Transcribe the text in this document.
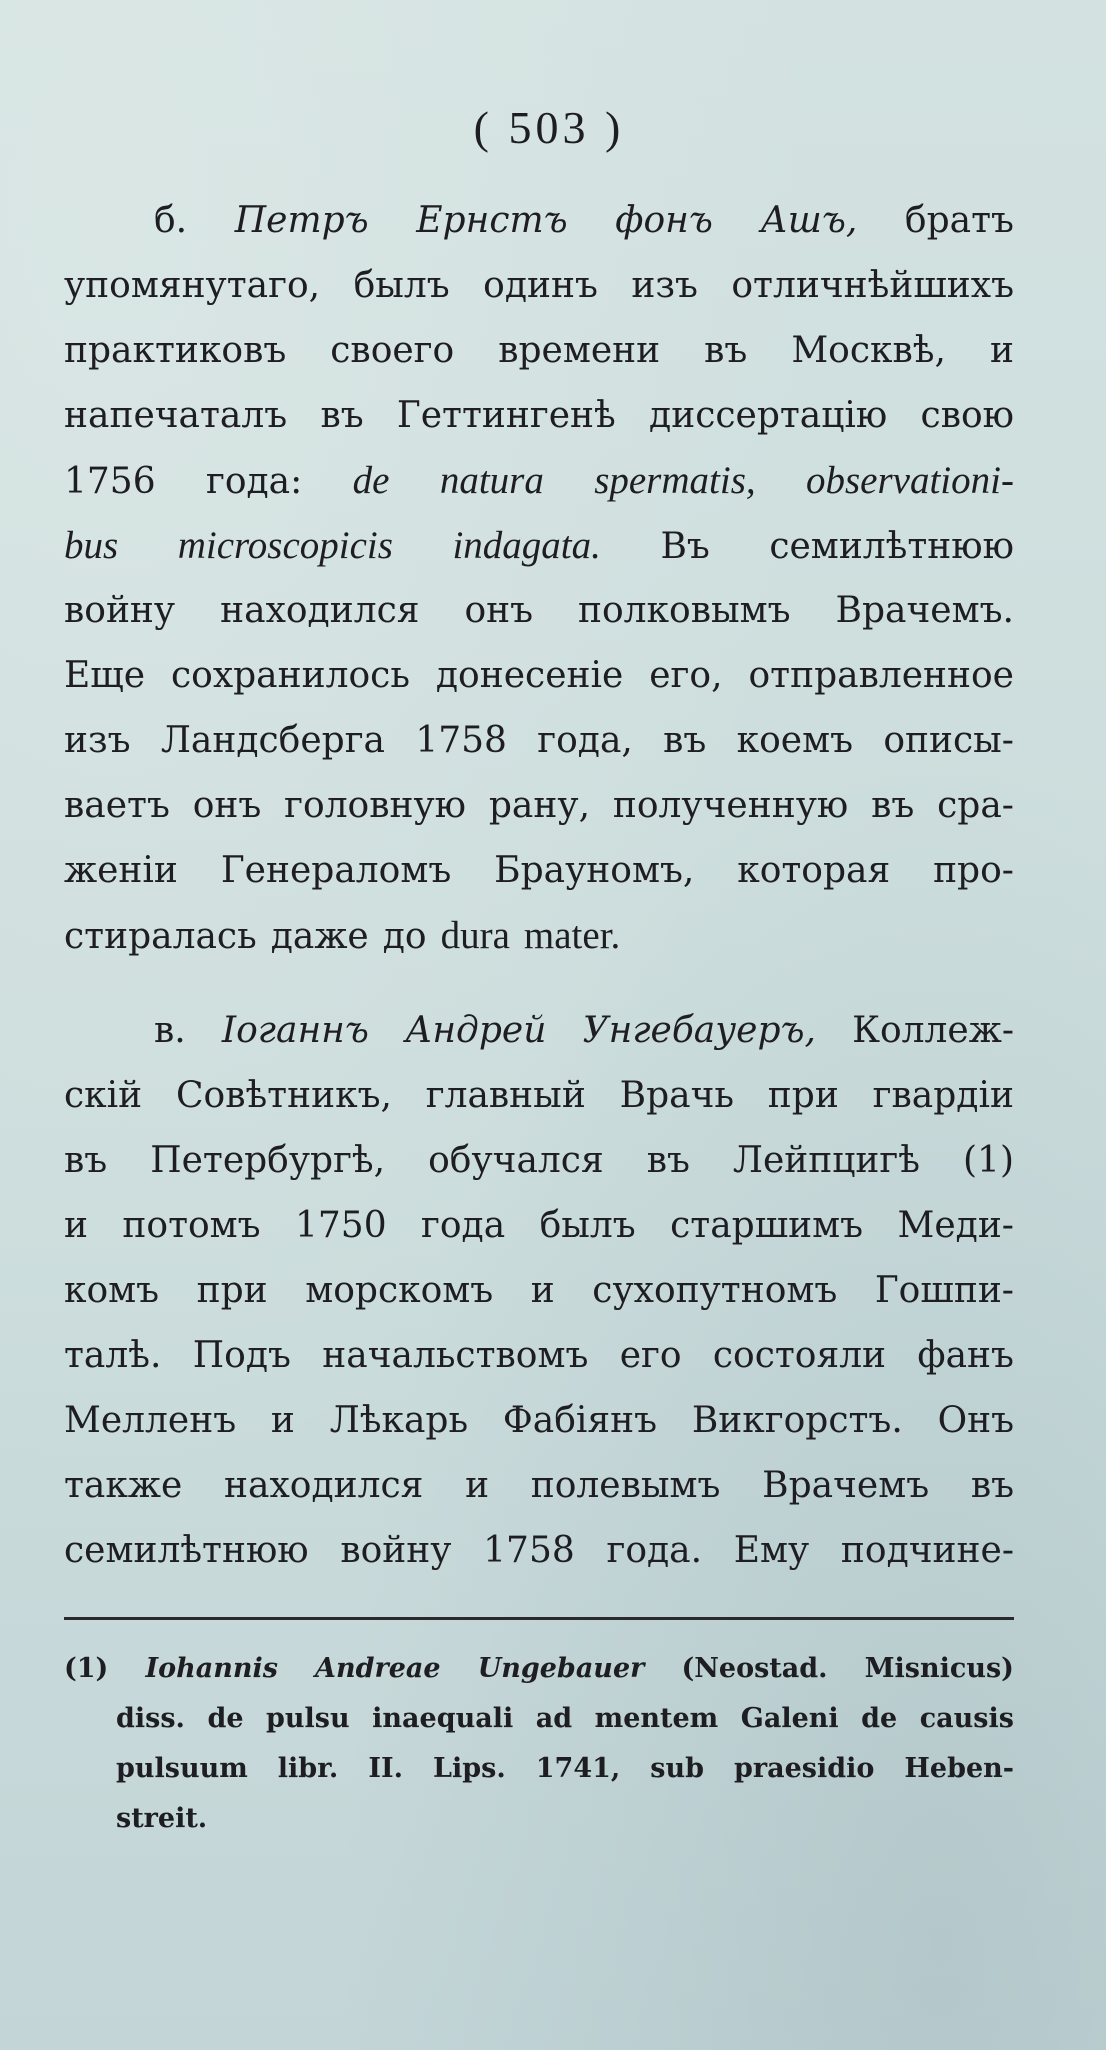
( 503 )
б. Петръ Ернстъ фонъ Ашъ, братъ
упомянутаго, былъ одинъ изъ отличнѣйшихъ
практиковъ своего времени въ Москвѣ, и
напечаталъ въ Геттингенѣ диссертацію свою
1756 года: de natura spermatis, observationi-
bus microscopicis indagata. Въ семилѣтнюю
войну находился онъ полковымъ Врачемъ.
Еще сохранилось донесеніе его, отправленное
изъ Ландсберга 1758 года, въ коемъ описы-
ваетъ онъ головную рану, полученную въ сра-
женіи Генераломъ Брауномъ, которая про-
стиралась даже до dura mater.
в. Іоганнъ Андрей Унгебауеръ, Коллеж-
скій Совѣтникъ, главный Врачь при гвардіи
въ Петербургѣ, обучался въ Лейпцигѣ (1)
и потомъ 1750 года былъ старшимъ Меди-
комъ при морскомъ и сухопутномъ Гошпи-
талѣ. Подъ начальствомъ его состояли фанъ
Мелленъ и Лѣкарь Фабіянъ Викгорстъ. Онъ
также находился и полевымъ Врачемъ въ
семилѣтнюю войну 1758 года. Ему подчине-
(1) Iohannis Andreae Ungebauer (Neostad. Misnicus)
diss. de pulsu inaequali ad mentem Galeni de causis
pulsuum libr. II. Lips. 1741, sub praesidio Heben-
streit.
